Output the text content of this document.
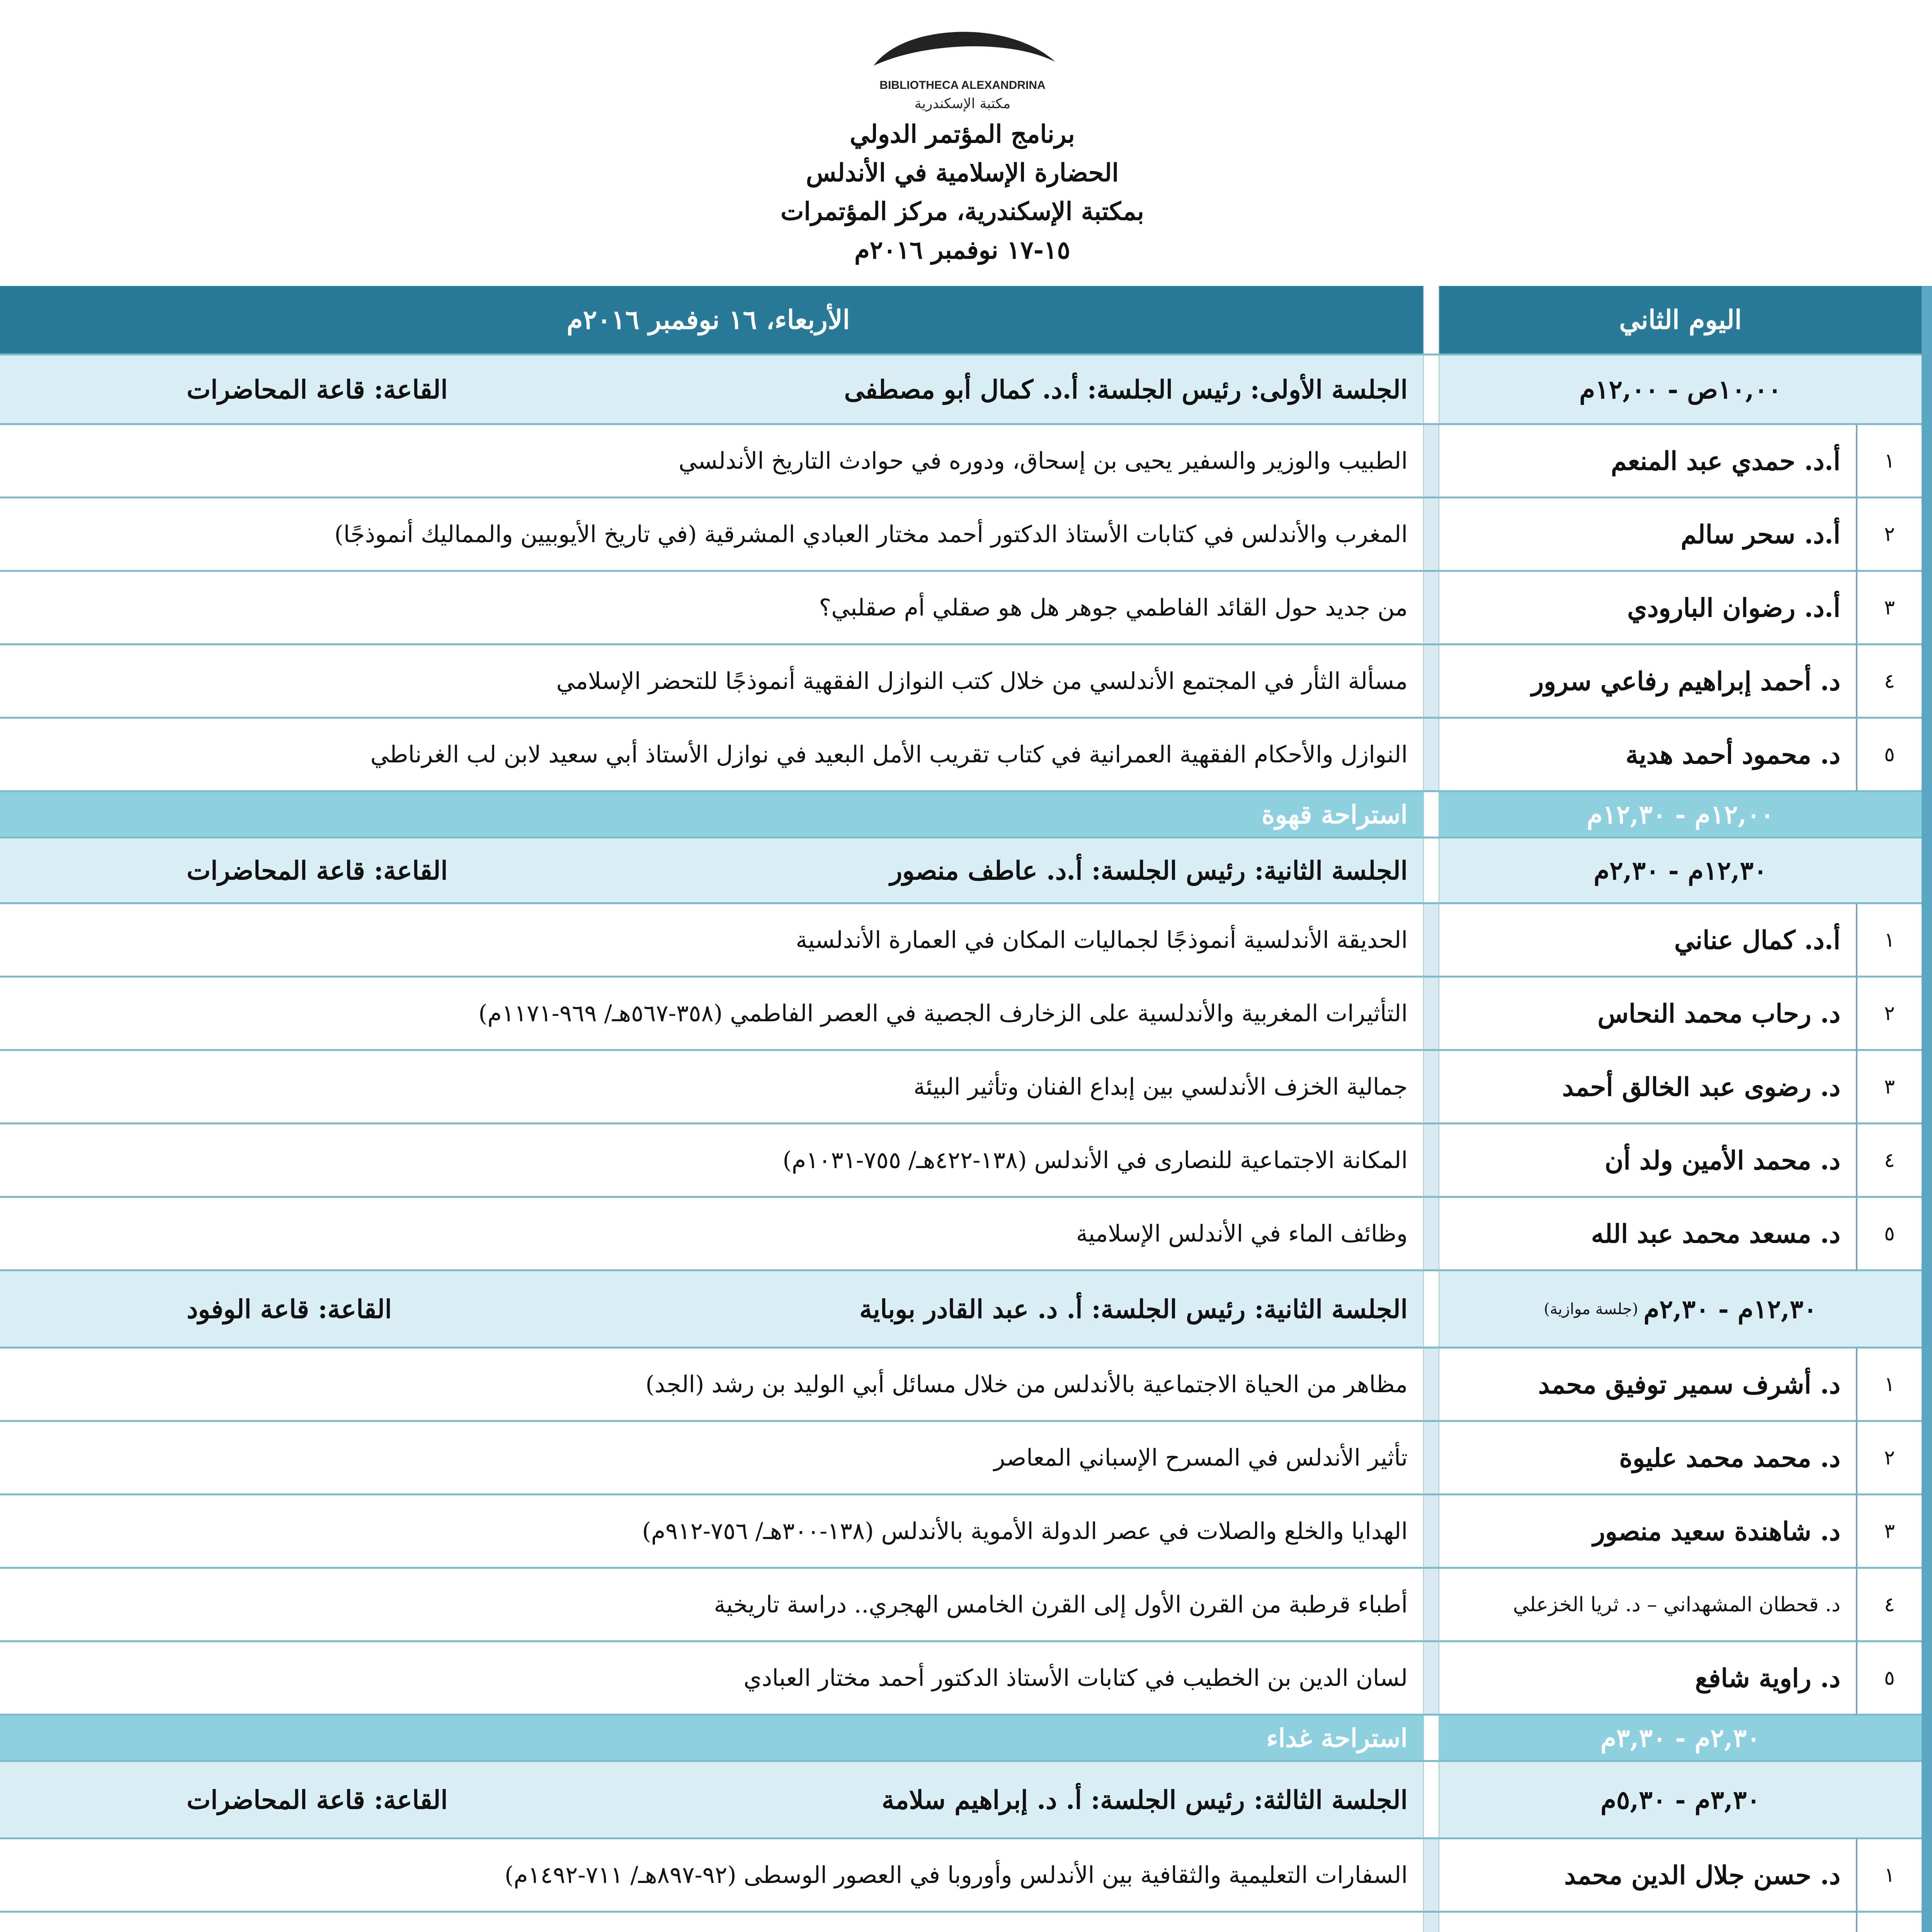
BIBLIOTHECA ALEXANDRINA
مكتبة الإسكندرية
برنامج المؤتمر الدولي
الحضارة الإسلامية في الأندلس
بمكتبة الإسكندرية، مركز المؤتمرات
١٥-١٧ نوفمبر ٢٠١٦م
اليوم الثاني
الأربعاء، ١٦ نوفمبر ٢٠١٦م
١٠,٠٠ص - ١٢,٠٠م
الجلسة الأولى: رئيس الجلسة: أ.د. كمال أبو مصطفى
القاعة: قاعة المحاضرات
١
أ.د. حمدي عبد المنعم
الطبيب والوزير والسفير يحيى بن إسحاق، ودوره في حوادث التاريخ الأندلسي
٢
أ.د. سحر سالم
المغرب والأندلس في كتابات الأستاذ الدكتور أحمد مختار العبادي المشرقية (في تاريخ الأيوبيين والمماليك أنموذجًا)
٣
أ.د. رضوان البارودي
من جديد حول القائد الفاطمي جوهر هل هو صقلي أم صقلبي؟
٤
د. أحمد إبراهيم رفاعي سرور
مسألة الثأر في المجتمع الأندلسي من خلال كتب النوازل الفقهية أنموذجًا للتحضر الإسلامي
٥
د. محمود أحمد هدية
النوازل والأحكام الفقهية العمرانية في كتاب تقريب الأمل البعيد في نوازل الأستاذ أبي سعيد لابن لب الغرناطي
١٢,٠٠م - ١٢,٣٠م
استراحة قهوة
١٢,٣٠م - ٢,٣٠م
الجلسة الثانية: رئيس الجلسة: أ.د. عاطف منصور
القاعة: قاعة المحاضرات
١
أ.د. كمال عناني
الحديقة الأندلسية أنموذجًا لجماليات المكان في العمارة الأندلسية
٢
د. رحاب محمد النحاس
التأثيرات المغربية والأندلسية على الزخارف الجصية في العصر الفاطمي (٣٥٨-٥٦٧هـ/ ٩٦٩-١١٧١م)
٣
د. رضوى عبد الخالق أحمد
جمالية الخزف الأندلسي بين إبداع الفنان وتأثير البيئة
٤
د. محمد الأمين ولد أن
المكانة الاجتماعية للنصارى في الأندلس (١٣٨-٤٢٢هـ/ ٧٥٥-١٠٣١م)
٥
د. مسعد محمد عبد الله
وظائف الماء في الأندلس الإسلامية
١٢,٣٠م - ٢,٣٠م
(جلسة موازية)
الجلسة الثانية: رئيس الجلسة: أ. د. عبد القادر بوباية
القاعة: قاعة الوفود
١
د. أشرف سمير توفيق محمد
مظاهر من الحياة الاجتماعية بالأندلس من خلال مسائل أبي الوليد بن رشد (الجد)
٢
د. محمد محمد عليوة
تأثير الأندلس في المسرح الإسباني المعاصر
٣
د. شاهندة سعيد منصور
الهدايا والخلع والصلات في عصر الدولة الأموية بالأندلس (١٣٨-٣٠٠هـ/ ٧٥٦-٩١٢م)
٤
د. قحطان المشهداني – د. ثريا الخزعلي
أطباء قرطبة من القرن الأول إلى القرن الخامس الهجري.. دراسة تاريخية
٥
د. راوية شافع
لسان الدين بن الخطيب في كتابات الأستاذ الدكتور أحمد مختار العبادي
٢,٣٠م - ٣,٣٠م
استراحة غداء
٣,٣٠م - ٥,٣٠م
الجلسة الثالثة: رئيس الجلسة: أ. د. إبراهيم سلامة
القاعة: قاعة المحاضرات
١
د. حسن جلال الدين محمد
السفارات التعليمية والثقافية بين الأندلس وأوروبا في العصور الوسطى (٩٢-٨٩٧هـ/ ٧١١-١٤٩٢م)
